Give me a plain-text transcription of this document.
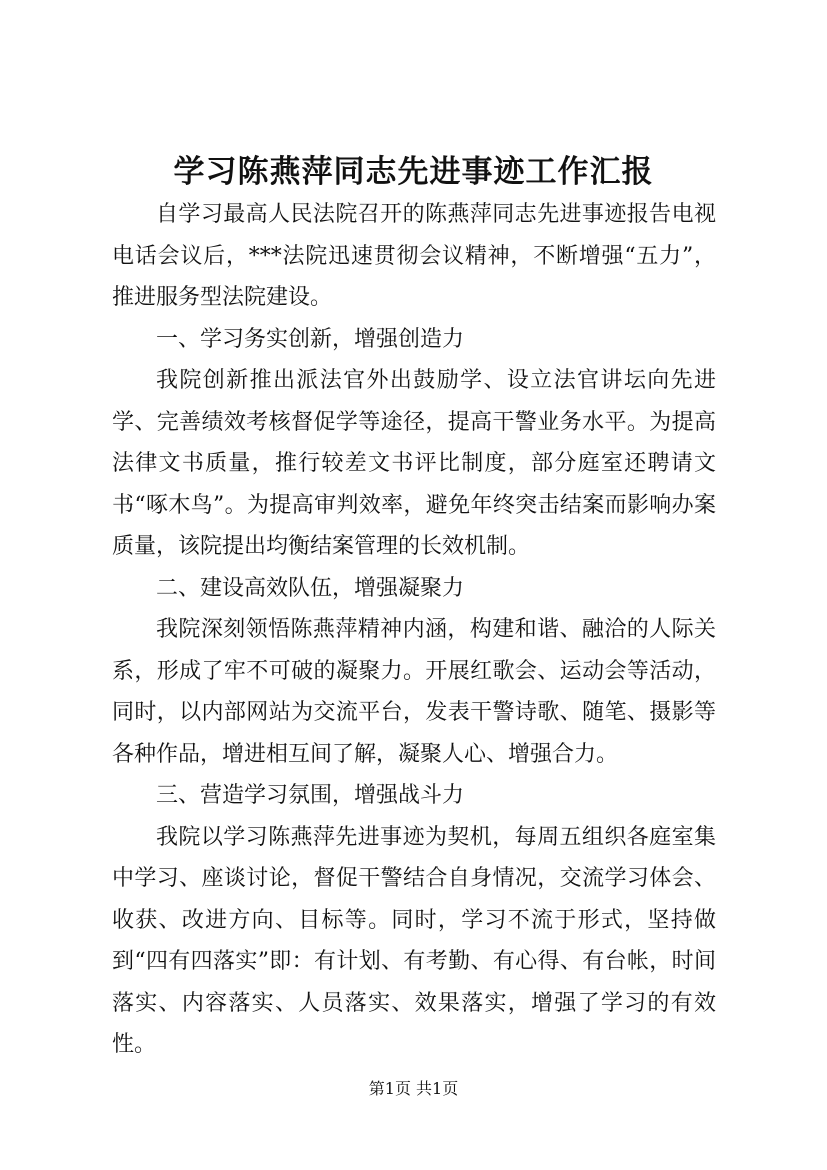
学习陈燕萍同志先进事迹工作汇报

自学习最高人民法院召开的陈燕萍同志先进事迹报告电视电话会议后，***法院迅速贯彻会议精神，不断增强“五力”，推进服务型法院建设。

一、学习务实创新，增强创造力

我院创新推出派法官外出鼓励学、设立法官讲坛向先进学、完善绩效考核督促学等途径，提高干警业务水平。为提高法律文书质量，推行较差文书评比制度，部分庭室还聘请文书“啄木鸟”。为提高审判效率，避免年终突击结案而影响办案质量，该院提出均衡结案管理的长效机制。

二、建设高效队伍，增强凝聚力

我院深刻领悟陈燕萍精神内涵，构建和谐、融洽的人际关系，形成了牢不可破的凝聚力。开展红歌会、运动会等活动，同时，以内部网站为交流平台，发表干警诗歌、随笔、摄影等各种作品，增进相互间了解，凝聚人心、增强合力。

三、营造学习氛围，增强战斗力

我院以学习陈燕萍先进事迹为契机，每周五组织各庭室集中学习、座谈讨论，督促干警结合自身情况，交流学习体会、收获、改进方向、目标等。同时，学习不流于形式，坚持做到“四有四落实”即：有计划、有考勤、有心得、有台帐，时间落实、内容落实、人员落实、效果落实，增强了学习的有效性。

第1页 共1页
